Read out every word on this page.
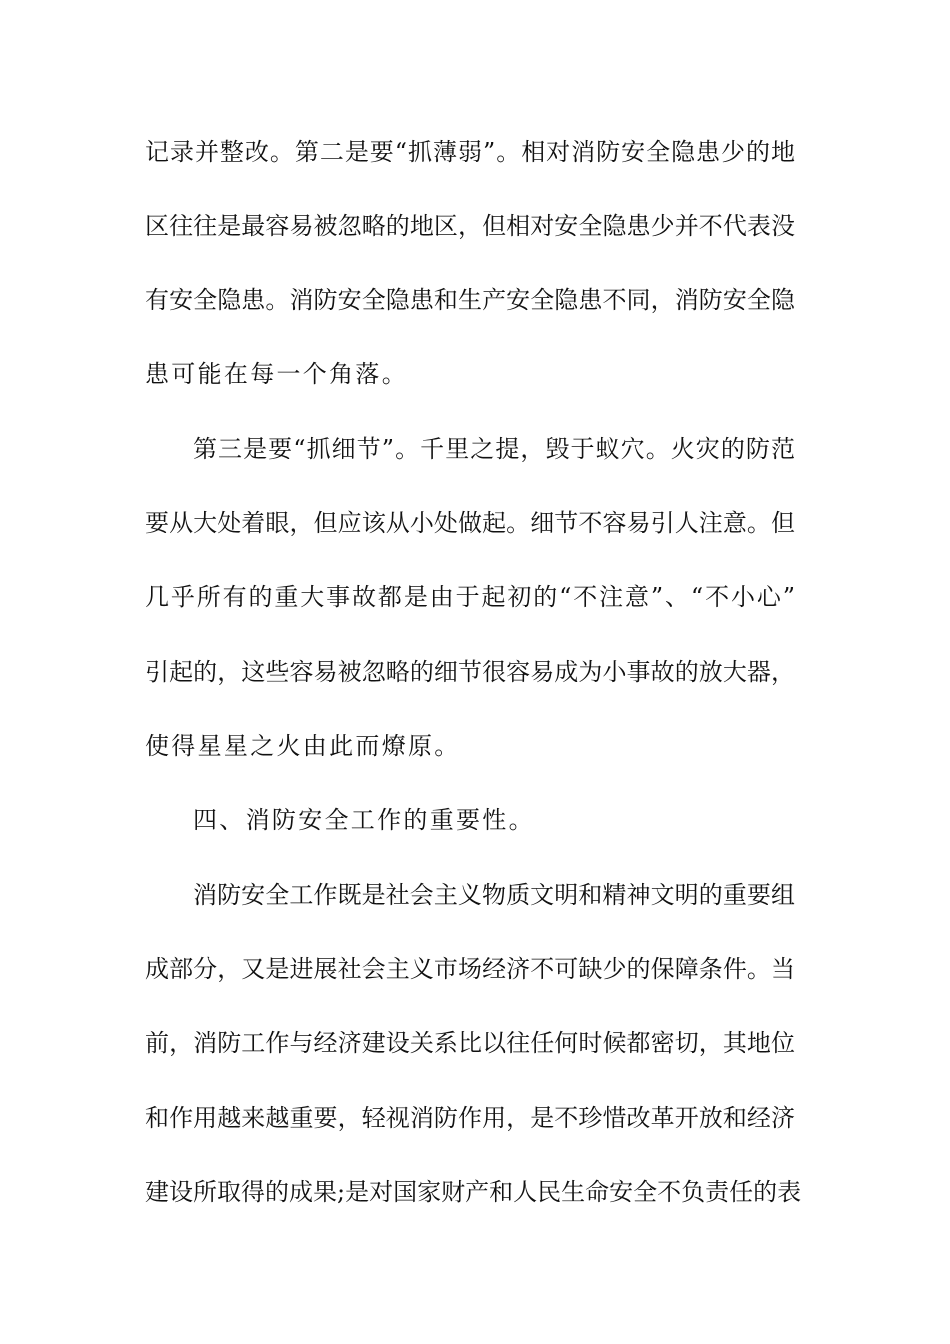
记录并整改。第二是要“抓薄弱”。相对消防安全隐患少的地
区往往是最容易被忽略的地区，但相对安全隐患少并不代表没
有安全隐患。消防安全隐患和生产安全隐患不同，消防安全隐
患可能在每一个角落。
第三是要“抓细节”。千里之提，毁于蚁穴。火灾的防范
要从大处着眼，但应该从小处做起。细节不容易引人注意。但
几乎所有的重大事故都是由于起初的“不注意”、“不小心”
引起的，这些容易被忽略的细节很容易成为小事故的放大器，
使得星星之火由此而燎原。
四、消防安全工作的重要性。
消防安全工作既是社会主义物质文明和精神文明的重要组
成部分，又是进展社会主义市场经济不可缺少的保障条件。当
前，消防工作与经济建设关系比以往任何时候都密切，其地位
和作用越来越重要，轻视消防作用，是不珍惜改革开放和经济
建设所取得的成果;是对国家财产和人民生命安全不负责任的表
